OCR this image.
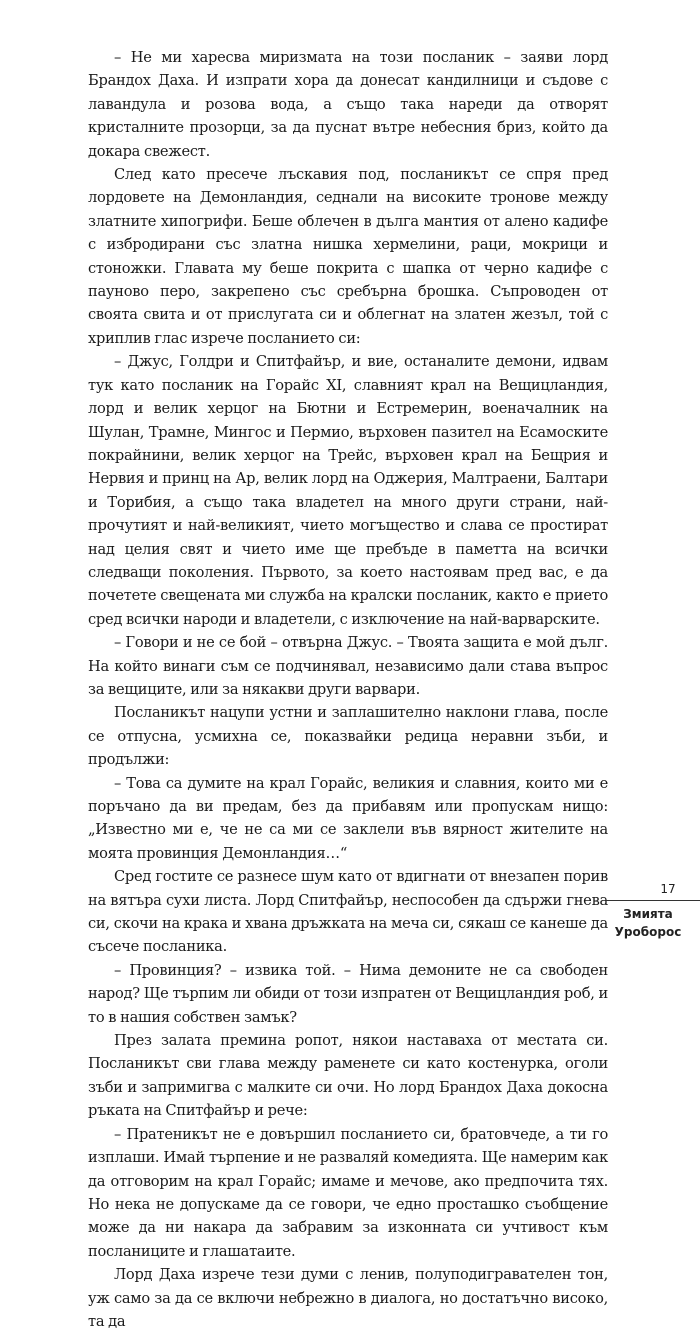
– Не ми харесва миризмата на този посланик – заяви лорд Брандох Даха. И изпрати хора да донесат кандилници и съдове с лавандула и розова вода, а също така нареди да отворят кристалните прозорци, за да пуснат вътре небесния бриз, който да докара свежест.

След като пресече лъскавия под, посланикът се спря пред лордовете на Демонландия, седнали на високите тронове между златните хипогрифи. Беше облечен в дълга мантия от алено кадифе с избродирани със златна нишка хермелини, раци, мокрици и стоножки. Главата му беше покрита с шапка от черно кадифе с пауново перо, закрепено със сребърна брошка. Съпроводен от своята свита и от прислугата си и облегнат на златен жезъл, той с хриплив глас изрече посланието си:

– Джус, Голдри и Спитфайър, и вие, останалите демони, идвам тук като посланик на Горайс XI, славният крал на Вещицландия, лорд и велик херцог на Бютни и Естремерин, военачалник на Шулан, Трамне, Мингос и Пермио, върховен пазител на Есамоските покрайнини, велик херцог на Трейс, върховен крал на Бещрия и Нервия и принц на Ар, велик лорд на Оджерия, Малтраени, Балтари и Торибия, а също така владетел на много други страни, най-прочутият и най-великият, чието могъщество и слава се простират над целия свят и чието име ще пребъде в паметта на всички следващи поколения. Първото, за което настоявам пред вас, е да почетете свещената ми служба на кралски посланик, както е прието сред всички народи и владетели, с изключение на най-варварските.

– Говори и не се бой – отвърна Джус. – Твоята защита е мой дълг. На който винаги съм се подчинявал, независимо дали става въпрос за вещиците, или за някакви други варвари.

Посланикът нацупи устни и заплашително наклони глава, после се отпусна, усмихна се, показвайки редица неравни зъби, и продължи:

– Това са думите на крал Горайс, великия и славния, които ми е поръчано да ви предам, без да прибавям или пропускам нищо: „Известно ми е, че не са ми се заклели във вярност жителите на моята провинция Демонландия…“

Сред гостите се разнесе шум като от вдигнати от внезапен порив на вятъра сухи листа. Лорд Спитфайър, неспособен да сдържи гнева си, скочи на крака и хвана дръжката на меча си, сякаш се канеше да съсече посланика.

– Провинция? – извика той. – Нима демоните не са свободен народ? Ще търпим ли обиди от този изпратен от Вещицландия роб, и то в нашия собствен замък?

През залата премина ропот, някои наставаха от местата си. Посланикът сви глава между раменете си като костенурка, оголи зъби и запримигва с малките си очи. Но лорд Брандох Даха докосна ръката на Спитфайър и рече:

– Пратеникът не е довършил посланието си, братовчеде, а ти го изплаши. Имай търпение и не разваляй комедията. Ще намерим как да отговорим на крал Горайс; имаме и мечове, ако предпочита тях. Но нека не допускаме да се говори, че едно просташко съобщение може да ни накара да забравим за изконната си учтивост към посланиците и глашатаите.

Лорд Даха изрече тези думи с ленив, полуподигравателен тон, уж само за да се включи небрежно в диалога, но достатъчно високо, та да

17
Змията
Уроборос
